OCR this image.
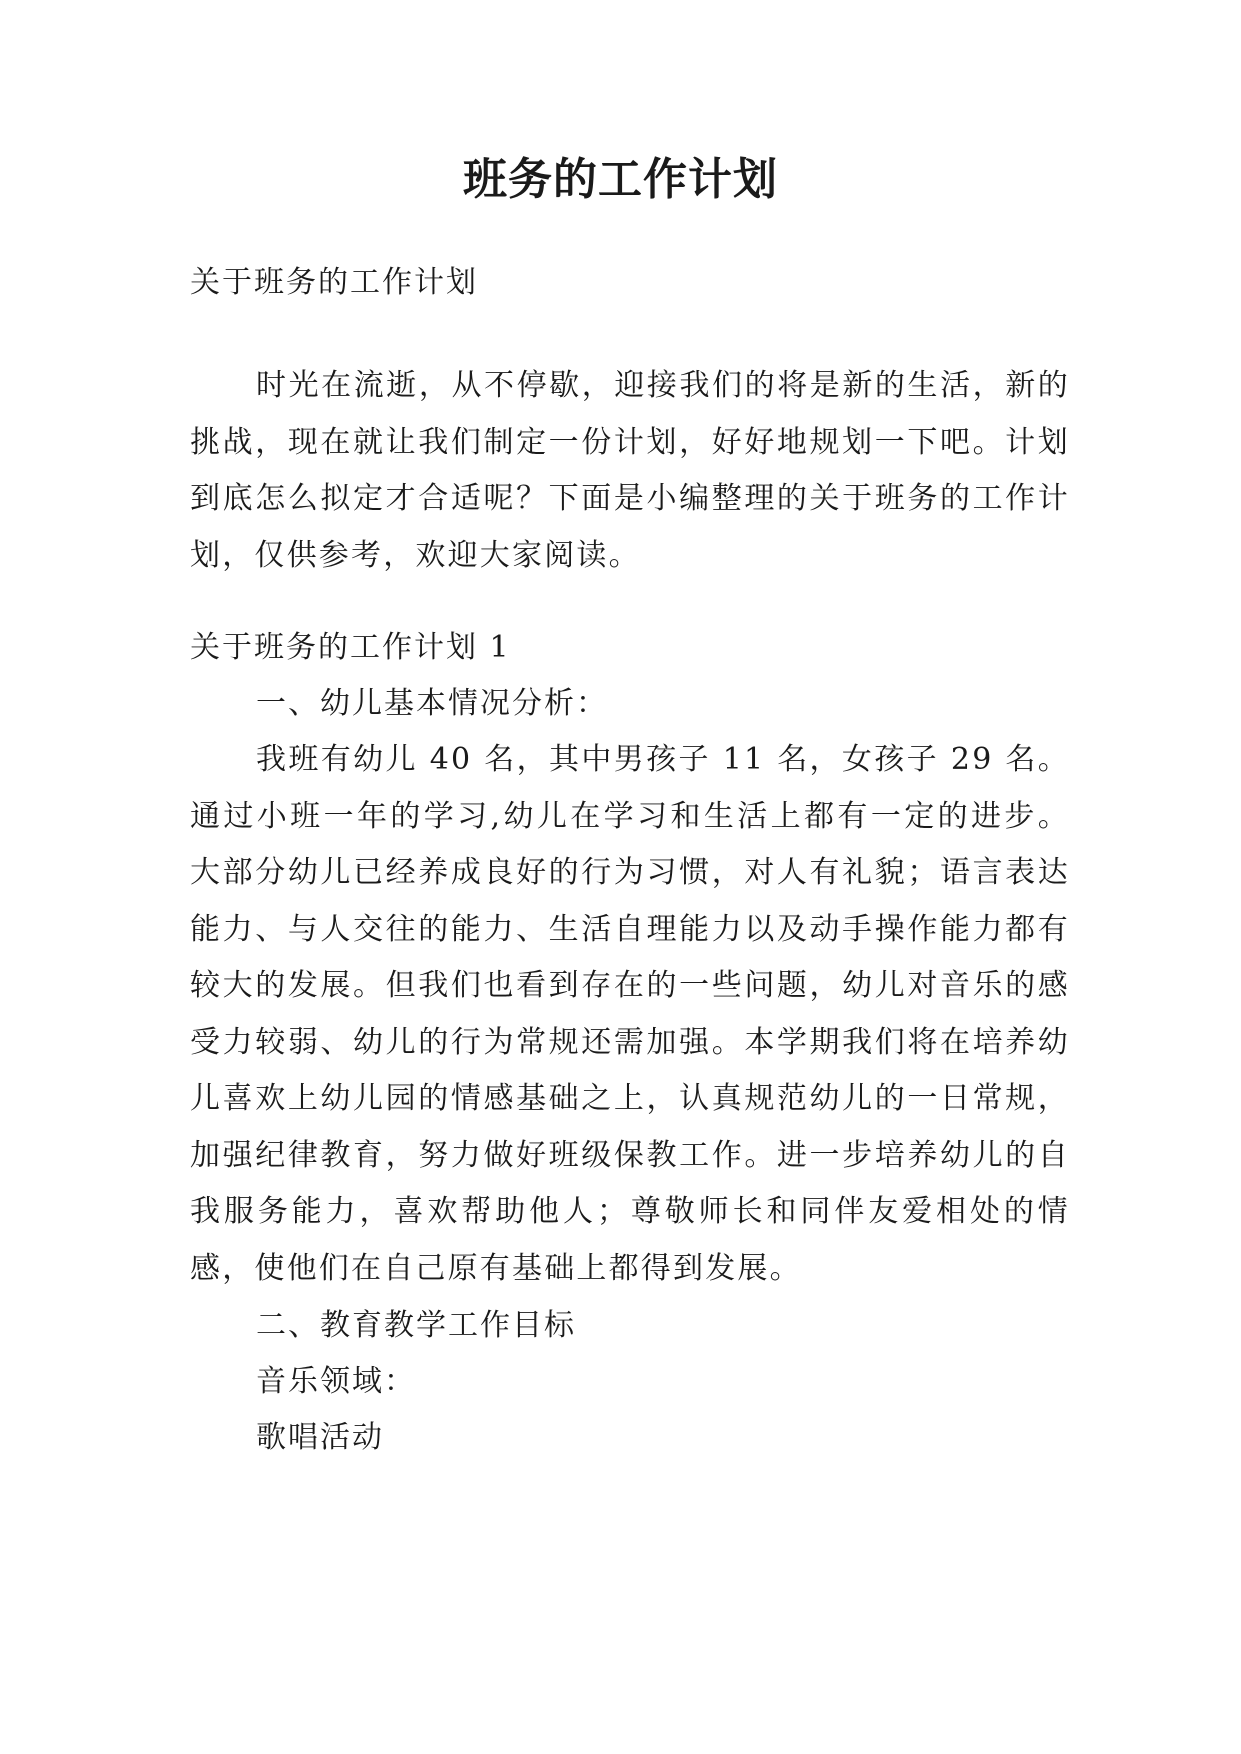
班务的工作计划

关于班务的工作计划

时光在流逝，从不停歇，迎接我们的将是新的生活，新的挑战，现在就让我们制定一份计划，好好地规划一下吧。计划到底怎么拟定才合适呢？下面是小编整理的关于班务的工作计划，仅供参考，欢迎大家阅读。

关于班务的工作计划 1

一、幼儿基本情况分析：

我班有幼儿 40 名，其中男孩子 11 名，女孩子 29 名。通过小班一年的学习,幼儿在学习和生活上都有一定的进步。大部分幼儿已经养成良好的行为习惯，对人有礼貌；语言表达能力、与人交往的能力、生活自理能力以及动手操作能力都有较大的发展。但我们也看到存在的一些问题，幼儿对音乐的感受力较弱、幼儿的行为常规还需加强。本学期我们将在培养幼儿喜欢上幼儿园的情感基础之上，认真规范幼儿的一日常规，加强纪律教育，努力做好班级保教工作。进一步培养幼儿的自我服务能力，喜欢帮助他人；尊敬师长和同伴友爱相处的情感，使他们在自己原有基础上都得到发展。

二、教育教学工作目标

音乐领域：

歌唱活动
